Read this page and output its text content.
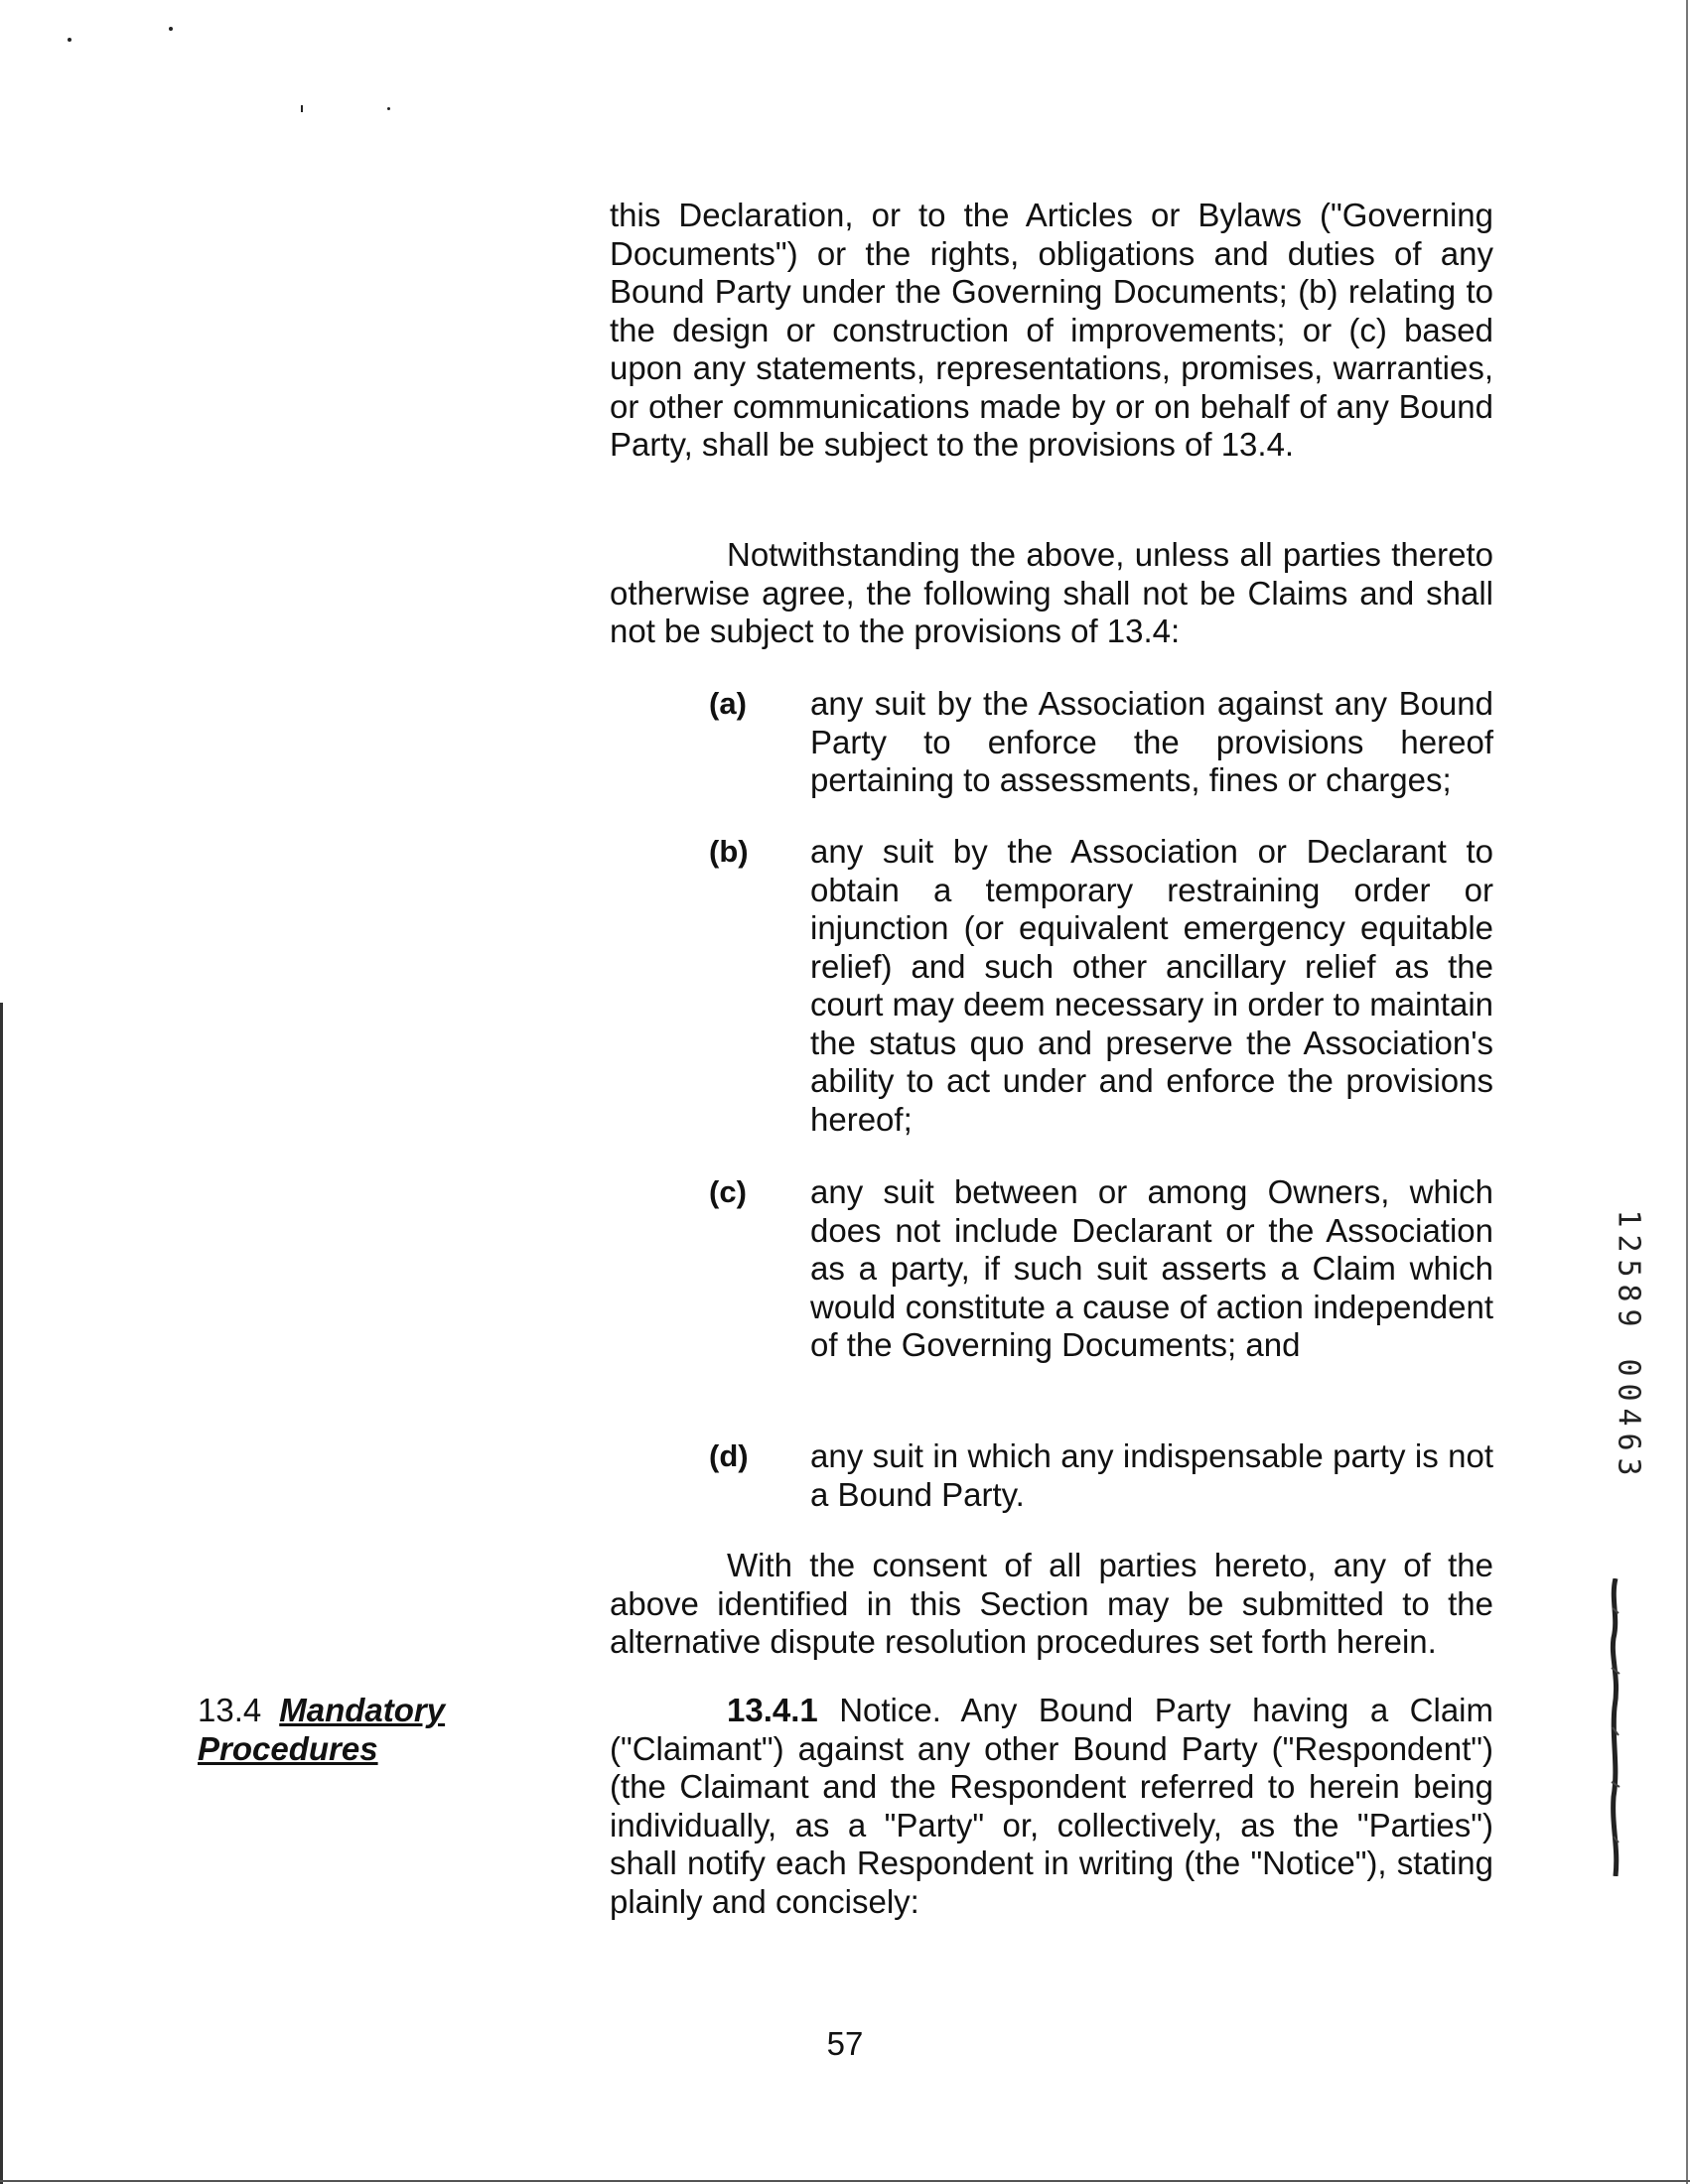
this Declaration, or to the Articles or Bylaws ("Governing Documents") or the rights, obligations and duties of any Bound Party under the Governing Documents; (b) relating to the design or construction of improvements; or (c) based upon any statements, representations, promises, warranties, or other communications made by or on behalf of any Bound Party, shall be subject to the provisions of 13.4.

Notwithstanding the above, unless all parties thereto otherwise agree, the following shall not be Claims and shall not be subject to the provisions of 13.4:

(a) any suit by the Association against any Bound Party to enforce the provisions hereof pertaining to assessments, fines or charges;
(b) any suit by the Association or Declarant to obtain a temporary restraining order or injunction (or equivalent emergency equitable relief) and such other ancillary relief as the court may deem necessary in order to maintain the status quo and preserve the Association's ability to act under and enforce the provisions hereof;
(c) any suit between or among Owners, which does not include Declarant or the Association as a party, if such suit asserts a Claim which would constitute a cause of action independent of the Governing Documents; and
(d) any suit in which any indispensable party is not a Bound Party.

With the consent of all parties hereto, any of the above identified in this Section may be submitted to the alternative dispute resolution procedures set forth herein.

13.4 Mandatory
Procedures

13.4.1 Notice. Any Bound Party having a Claim ("Claimant") against any other Bound Party ("Respondent") (the Claimant and the Respondent referred to herein being individually, as a "Party" or, collectively, as the "Parties") shall notify each Respondent in writing (the "Notice"), stating plainly and concisely:

57
1
2
5
8
9
0
0
4
6
3
